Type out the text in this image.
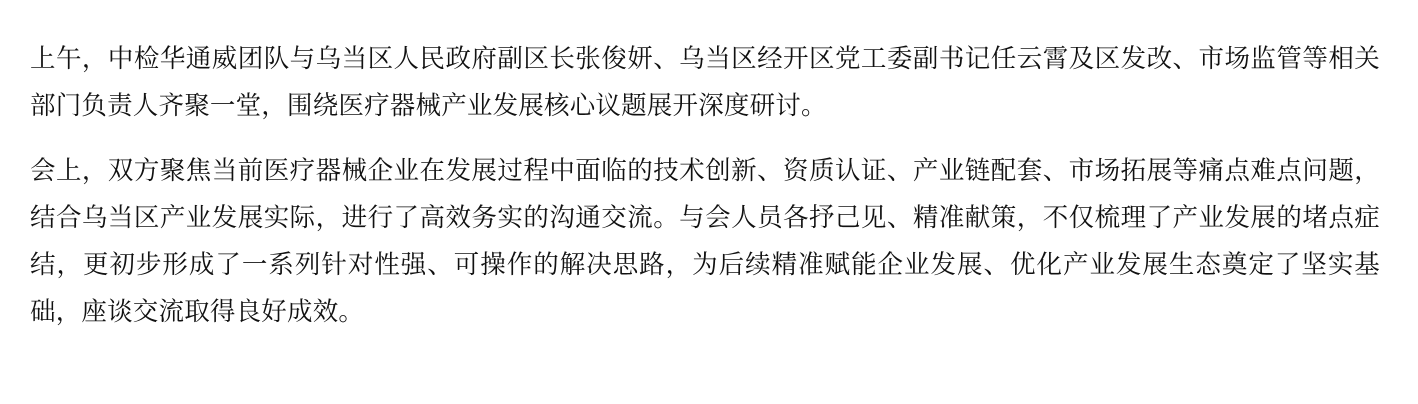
上午，中检华通威团队与乌当区人民政府副区长张俊妍、乌当区经开区党工委副书记任云霄及区发改、市场监管等相关部门负责人齐聚一堂，围绕医疗器械产业发展核心议题展开深度研讨。

会上，双方聚焦当前医疗器械企业在发展过程中面临的技术创新、资质认证、产业链配套、市场拓展等痛点难点问题，结合乌当区产业发展实际，进行了高效务实的沟通交流。与会人员各抒己见、精准献策，不仅梳理了产业发展的堵点症结，更初步形成了一系列针对性强、可操作的解决思路，为后续精准赋能企业发展、优化产业发展生态奠定了坚实基础，座谈交流取得良好成效。
